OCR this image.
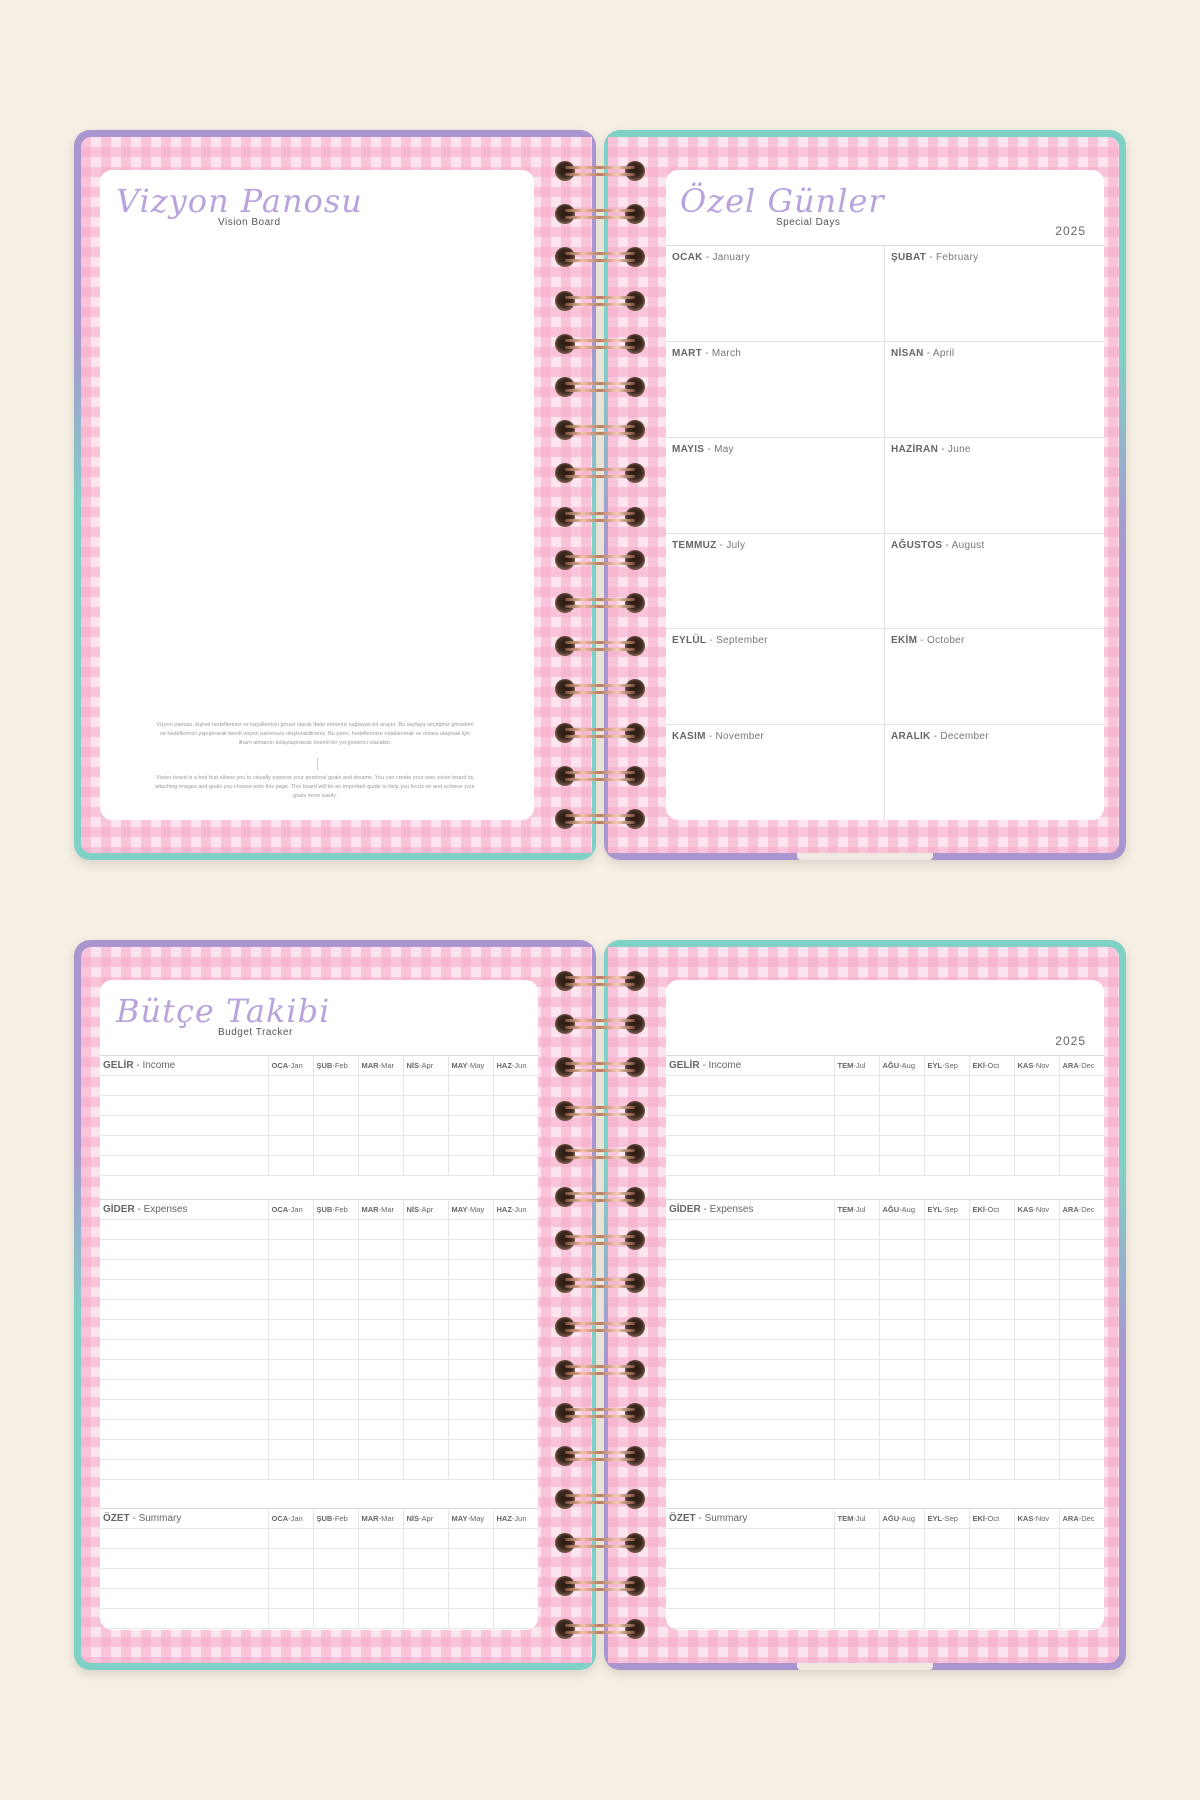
Vizyon Panosu
Vision Board
Vizyon panosu, kişisel hedeflerinizi ve hayallerinizi görsel olarak ifade etmenizi sağlayan bir araçtır. Bu sayfaya seçtiğiniz görselleri ve hedeflerinizi yapıştırarak kendi vizyon panonuzu oluşturabilirsiniz. Bu pano, hedeflerinize odaklanmak ve onlara ulaşmak için ilham almanızı kolaylaştıracak önemli bir yol gösterici olacaktır.
Vision board is a tool that allows you to visually express your personal goals and dreams. You can create your own vision board by attaching images and goals you choose onto this page. This board will be an important guide to help you focus on and achieve your goals more easily.
Özel Günler
Special Days
2025
OCAK - January	ŞUBAT - February
MART - March	NİSAN - April
MAYIS - May	HAZİRAN - June
TEMMUZ - July	AĞUSTOS - August
EYLÜL - September	EKİM - October
KASIM - November	ARALIK - December
Bütçe Takibi
Budget Tracker
GELİR - Income	OCA-Jan	ŞUB-Feb	MAR-Mar	NİS-Apr	MAY-May	HAZ-Jun

GİDER - Expenses	OCA-Jan	ŞUB-Feb	MAR-Mar	NİS-Apr	MAY-May	HAZ-Jun

ÖZET - Summary	OCA-Jan	ŞUB-Feb	MAR-Mar	NİS-Apr	MAY-May	HAZ-Jun

2025
GELİR - Income	TEM-Jul	AĞU-Aug	EYL-Sep	EKİ-Oct	KAS-Nov	ARA-Dec

GİDER - Expenses	TEM-Jul	AĞU-Aug	EYL-Sep	EKİ-Oct	KAS-Nov	ARA-Dec

ÖZET - Summary	TEM-Jul	AĞU-Aug	EYL-Sep	EKİ-Oct	KAS-Nov	ARA-Dec
